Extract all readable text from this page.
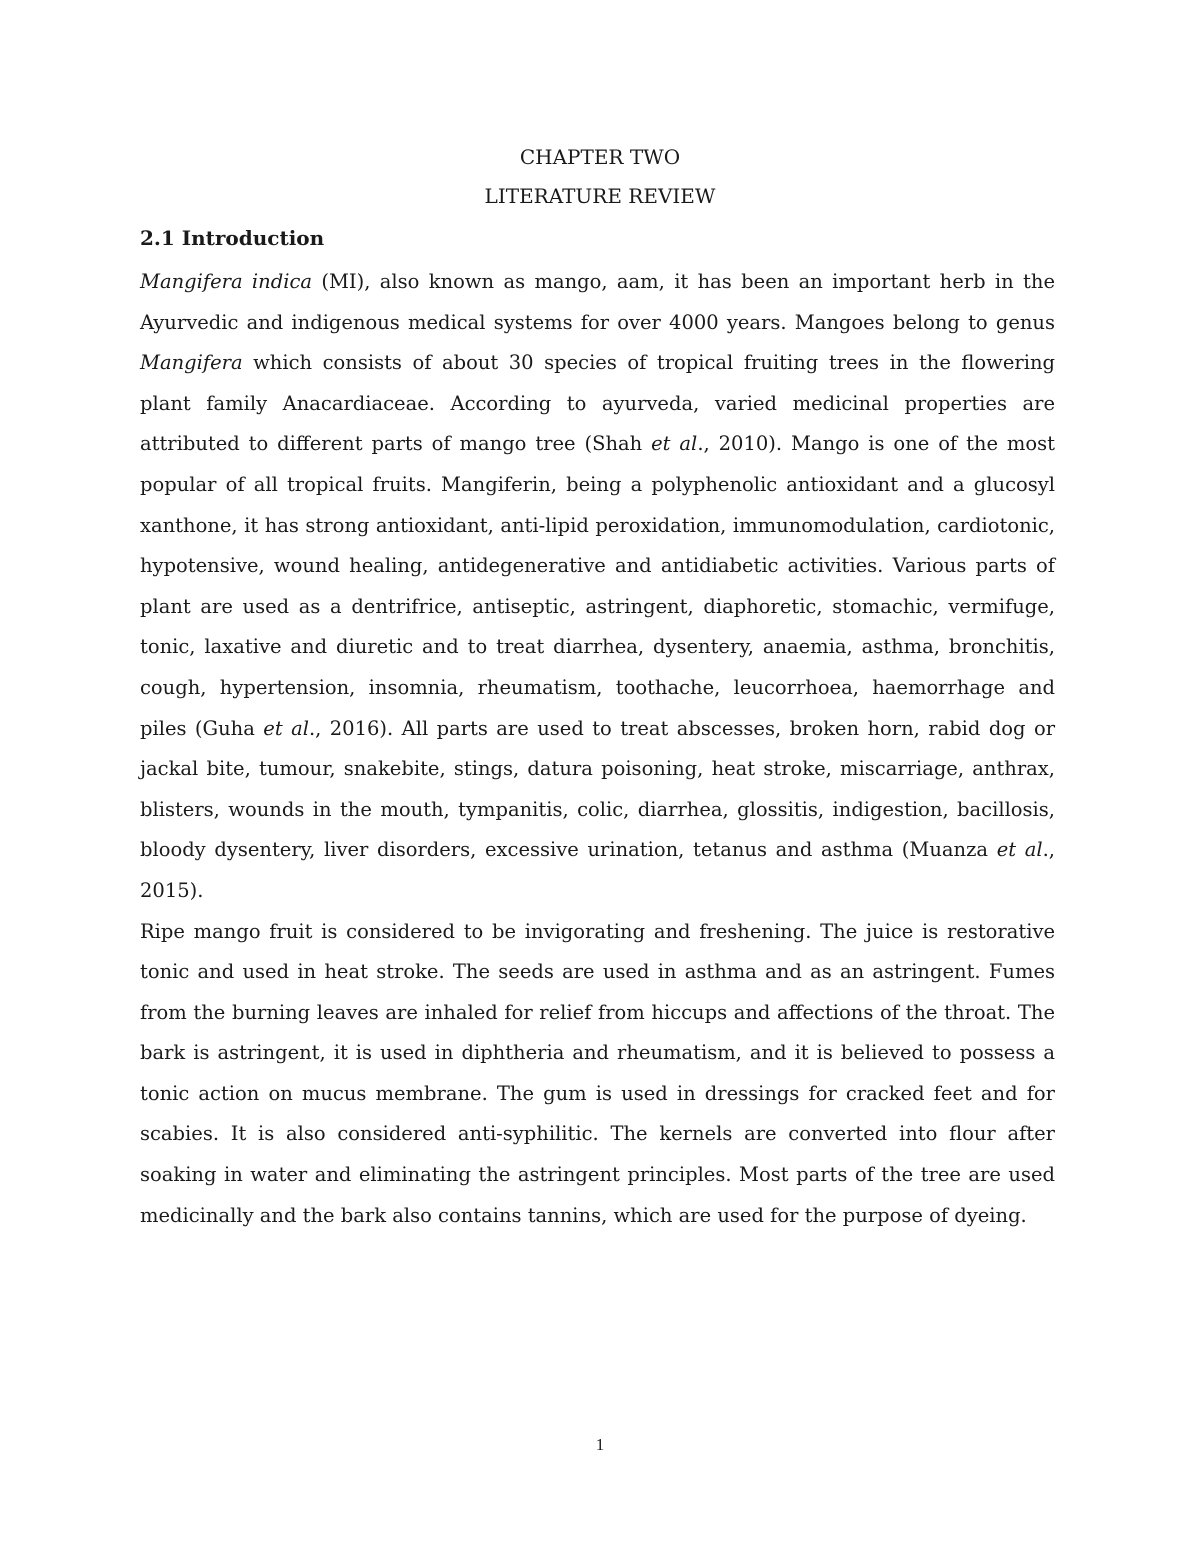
CHAPTER TWO
LITERATURE REVIEW
2.1 Introduction

Mangifera indica (MI), also known as mango, aam, it has been an important herb in the Ayurvedic and indigenous medical systems for over 4000 years. Mangoes belong to genus Mangifera which consists of about 30 species of tropical fruiting trees in the flowering plant family Anacardiaceae. According to ayurveda, varied medicinal properties are attributed to different parts of mango tree (Shah et al., 2010). Mango is one of the most popular of all tropical fruits. Mangiferin, being a polyphenolic antioxidant and a glucosyl xanthone, it has strong antioxidant, anti-lipid peroxidation, immunomodulation, cardiotonic, hypotensive, wound healing, antidegenerative and antidiabetic activities. Various parts of plant are used as a dentrifrice, antiseptic, astringent, diaphoretic, stomachic, vermifuge, tonic, laxative and diuretic and to treat diarrhea, dysentery, anaemia, asthma, bronchitis, cough, hypertension, insomnia, rheumatism, toothache, leucorrhoea, haemorrhage and piles (Guha et al., 2016). All parts are used to treat abscesses, broken horn, rabid dog or jackal bite, tumour, snakebite, stings, datura poisoning, heat stroke, miscarriage, anthrax, blisters, wounds in the mouth, tympanitis, colic, diarrhea, glossitis, indigestion, bacillosis, bloody dysentery, liver disorders, excessive urination, tetanus and asthma (Muanza et al., 2015).

Ripe mango fruit is considered to be invigorating and freshening. The juice is restorative tonic and used in heat stroke. The seeds are used in asthma and as an astringent. Fumes from the burning leaves are inhaled for relief from hiccups and affections of the throat. The bark is astringent, it is used in diphtheria and rheumatism, and it is believed to possess a tonic action on mucus membrane. The gum is used in dressings for cracked feet and for scabies. It is also considered anti-syphilitic. The kernels are converted into flour after soaking in water and eliminating the astringent principles. Most parts of the tree are used medicinally and the bark also contains tannins, which are used for the purpose of dyeing.

1
